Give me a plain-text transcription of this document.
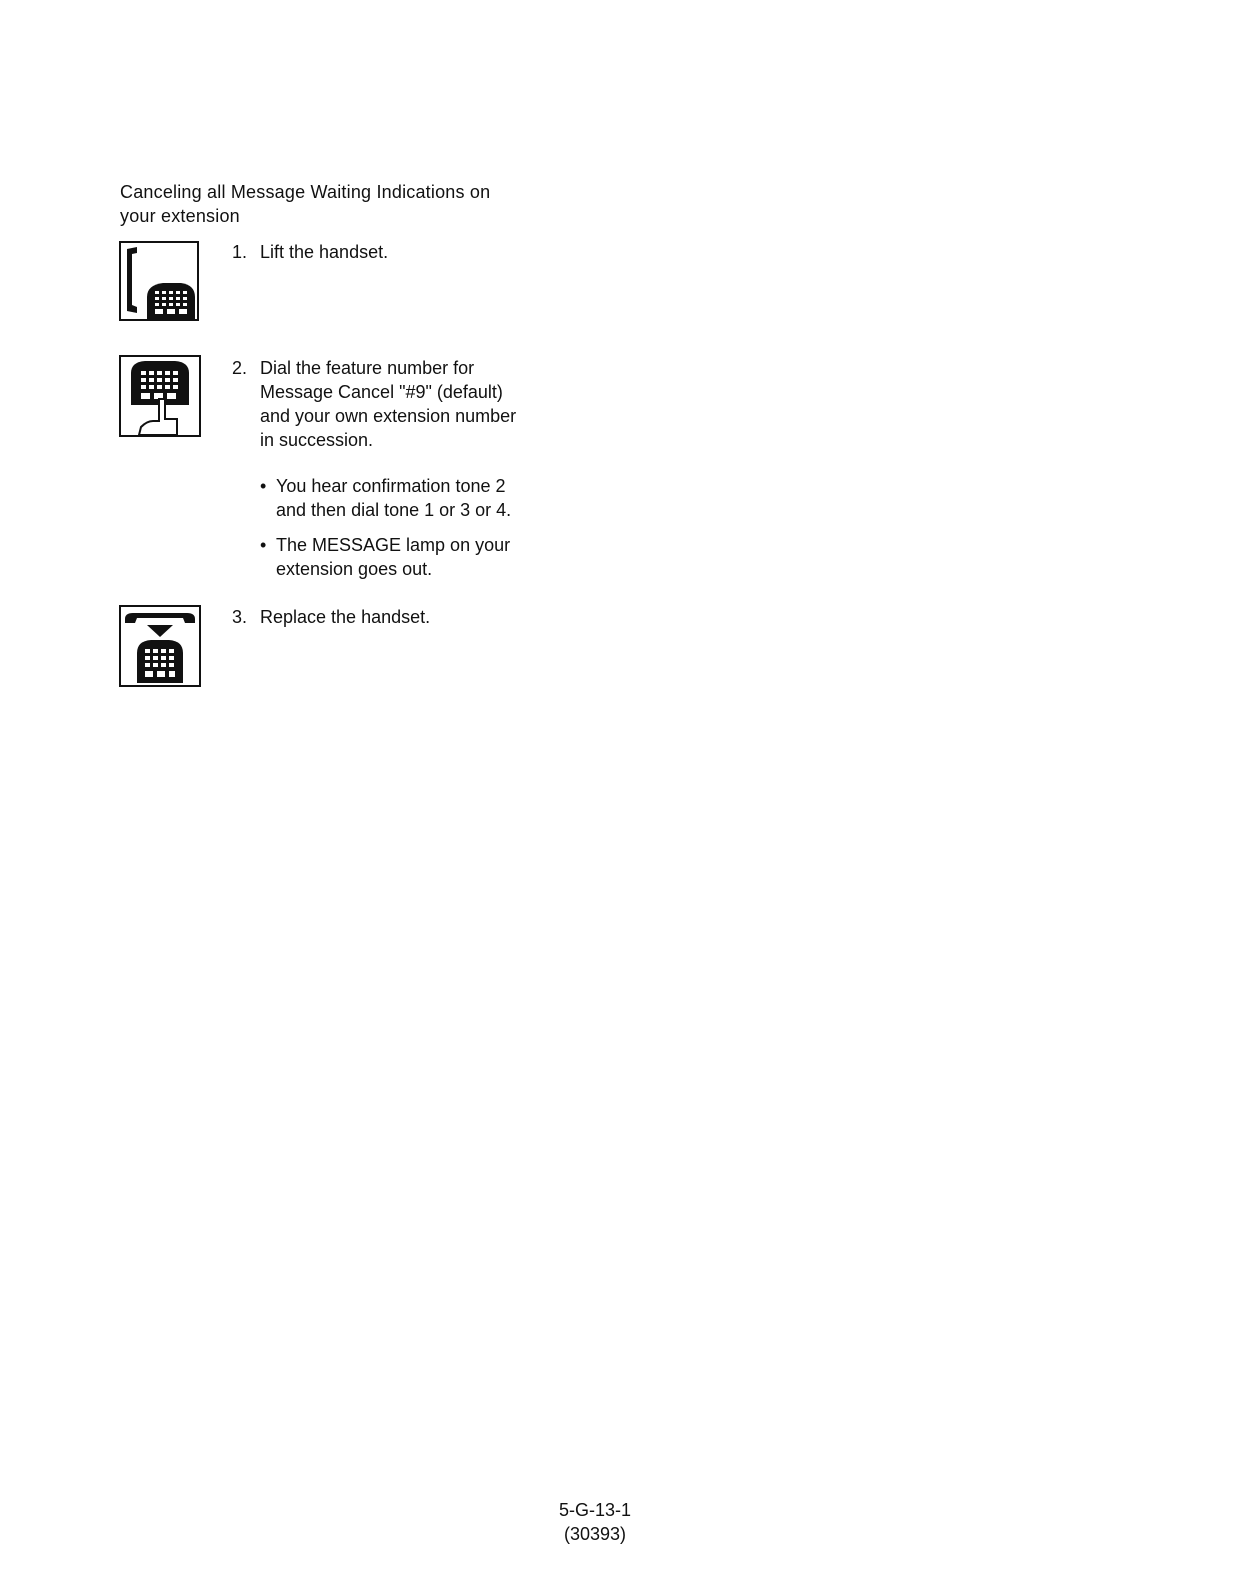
Canceling all Message Waiting Indications on
your extension
1. Lift the handset.
2. Dial the feature number for
Message Cancel "#9" (default)
and your own extension number
in succession.
• You hear confirmation tone 2
and then dial tone 1 or 3 or 4.
• The MESSAGE lamp on your
extension goes out.
3. Replace the handset.
5-G-13-1
(30393)
